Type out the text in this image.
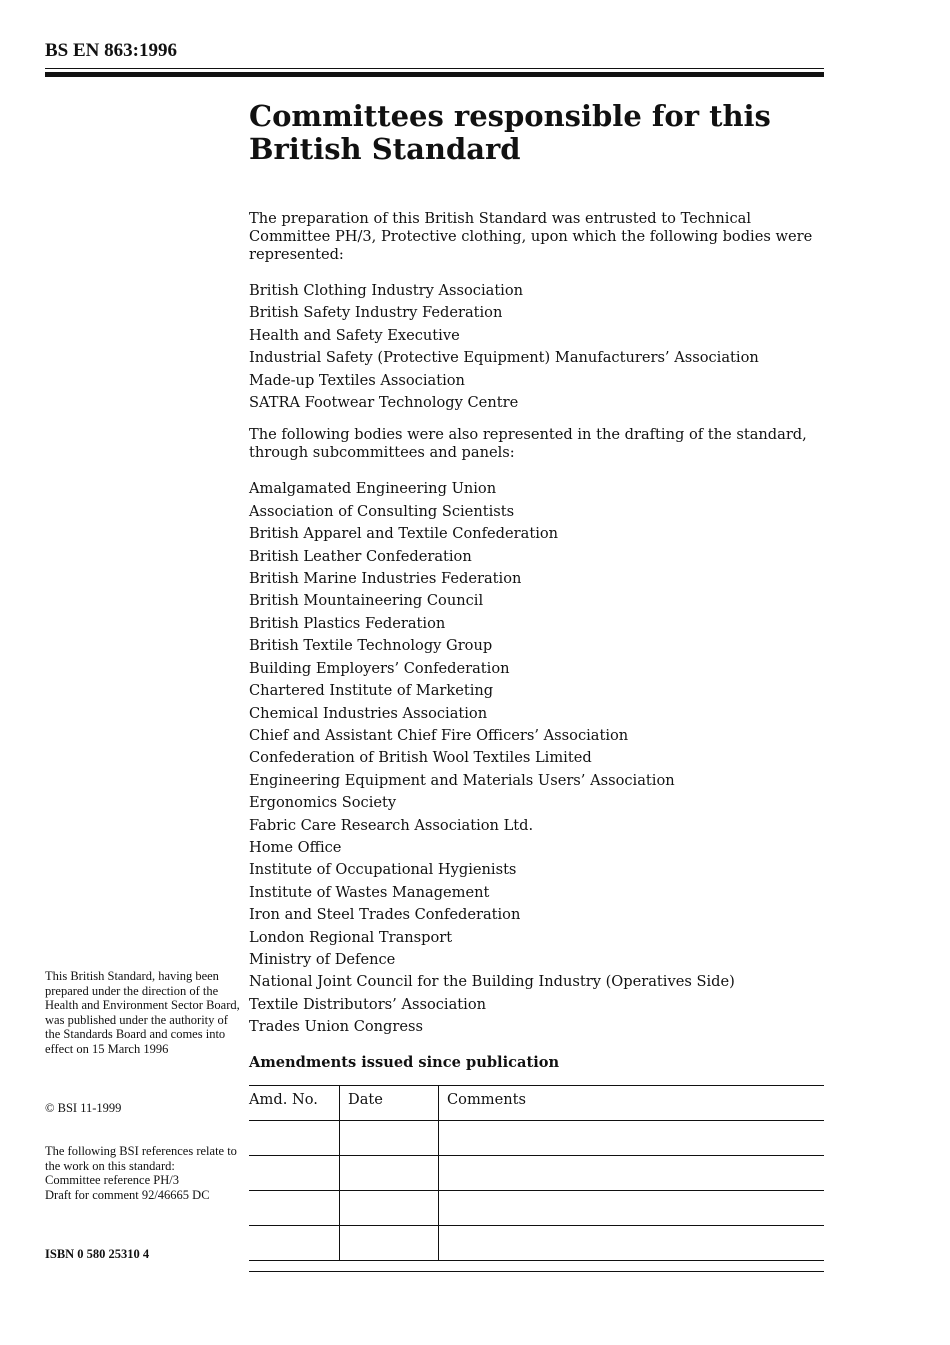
BS EN 863:1996
Committees responsible for this British Standard

The preparation of this British Standard was entrusted to Technical Committee PH/3, Protective clothing, upon which the following bodies were represented:

British Clothing Industry Association
British Safety Industry Federation
Health and Safety Executive
Industrial Safety (Protective Equipment) Manufacturers’ Association
Made-up Textiles Association
SATRA Footwear Technology Centre

The following bodies were also represented in the drafting of the standard, through subcommittees and panels:

Amalgamated Engineering Union
Association of Consulting Scientists
British Apparel and Textile Confederation
British Leather Confederation
British Marine Industries Federation
British Mountaineering Council
British Plastics Federation
British Textile Technology Group
Building Employers’ Confederation
Chartered Institute of Marketing
Chemical Industries Association
Chief and Assistant Chief Fire Officers’ Association
Confederation of British Wool Textiles Limited
Engineering Equipment and Materials Users’ Association
Ergonomics Society
Fabric Care Research Association Ltd.
Home Office
Institute of Occupational Hygienists
Institute of Wastes Management
Iron and Steel Trades Confederation
London Regional Transport
Ministry of Defence
National Joint Council for the Building Industry (Operatives Side)
Textile Distributors’ Association
Trades Union Congress
Amendments issued since publication
Amd. No.	Date	Comments

This British Standard, having been prepared under the direction of the Health and Environment Sector Board, was published under the authority of the Standards Board and comes into effect on 15 March 1996
© BSI 11-1999
The following BSI references relate to the work on this standard:
Committee reference PH/3
Draft for comment 92/46665 DC
ISBN 0 580 25310 4
